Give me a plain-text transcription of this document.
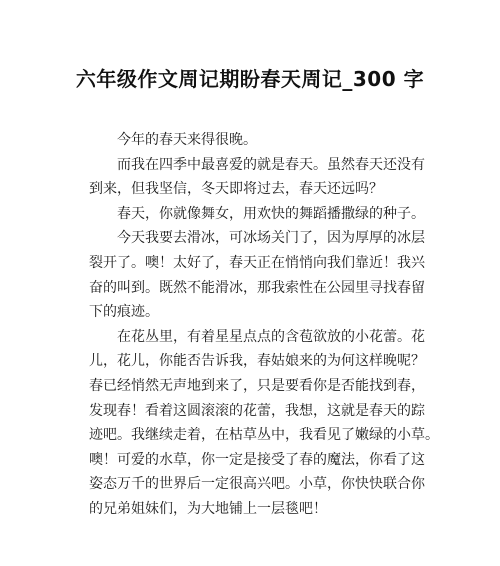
六年级作文周记期盼春天周记_300 字
今年的春天来得很晚。
而我在四季中最喜爱的就是春天。虽然春天还没有
到来，但我坚信，冬天即将过去，春天还远吗？
春天，你就像舞女，用欢快的舞蹈播撒绿的种子。
今天我要去滑冰，可冰场关门了，因为厚厚的冰层
裂开了。噢！太好了，春天正在悄悄向我们靠近！我兴
奋的叫到。既然不能滑冰，那我索性在公园里寻找春留
下的痕迹。
在花丛里，有着星星点点的含苞欲放的小花蕾。花
儿，花儿，你能否告诉我，春姑娘来的为何这样晚呢？
春已经悄然无声地到来了，只是要看你是否能找到春，
发现春！看着这圆滚滚的花蕾，我想，这就是春天的踪
迹吧。我继续走着，在枯草丛中，我看见了嫩绿的小草。
噢！可爱的水草，你一定是接受了春的魔法，你看了这
姿态万千的世界后一定很高兴吧。小草，你快快联合你
的兄弟姐妹们，为大地铺上一层毯吧！
